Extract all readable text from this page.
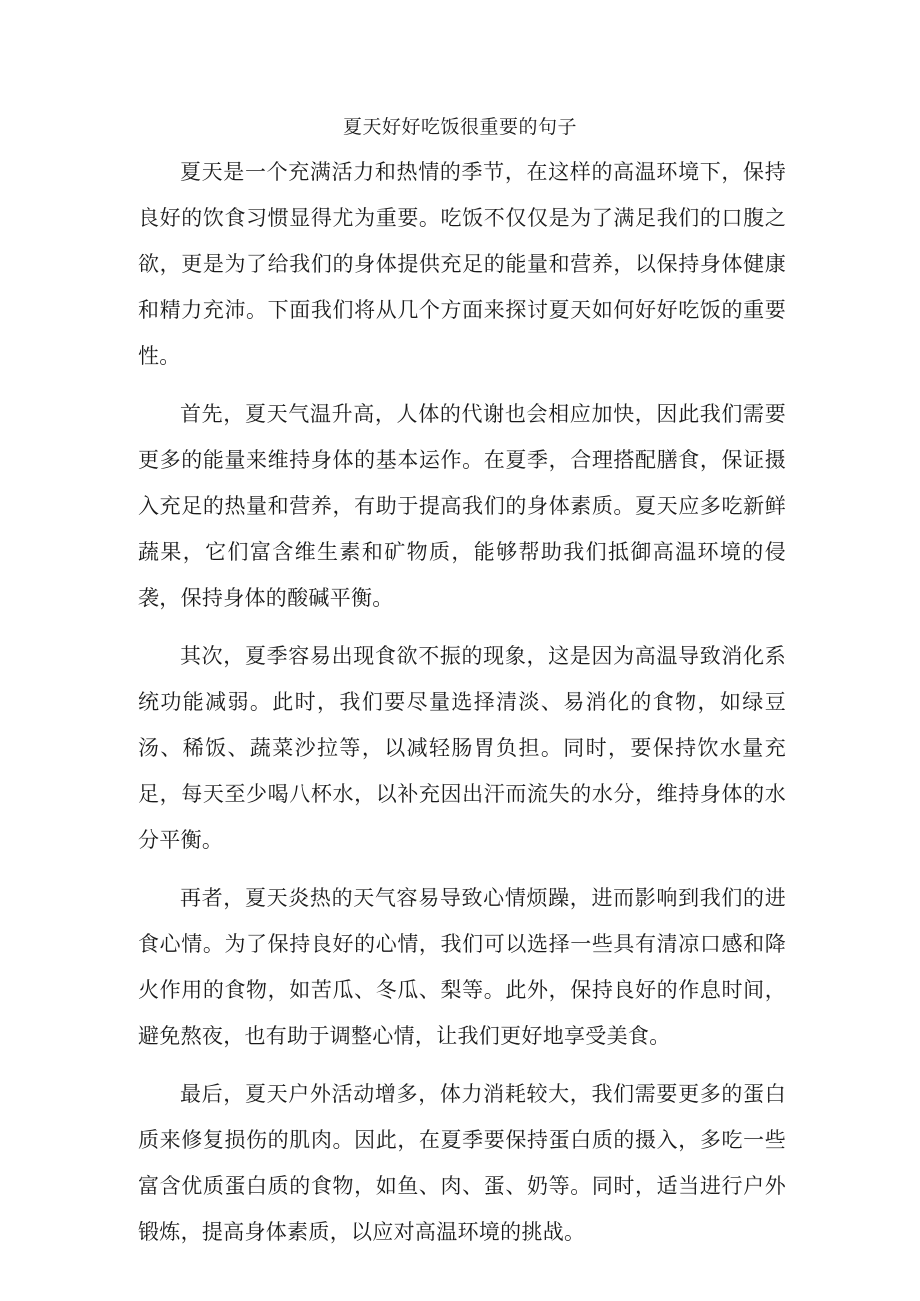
夏天好好吃饭很重要的句子

夏天是一个充满活力和热情的季节，在这样的高温环境下，保持良好的饮食习惯显得尤为重要。吃饭不仅仅是为了满足我们的口腹之欲，更是为了给我们的身体提供充足的能量和营养，以保持身体健康和精力充沛。下面我们将从几个方面来探讨夏天如何好好吃饭的重要性。

首先，夏天气温升高，人体的代谢也会相应加快，因此我们需要更多的能量来维持身体的基本运作。在夏季，合理搭配膳食，保证摄入充足的热量和营养，有助于提高我们的身体素质。夏天应多吃新鲜蔬果，它们富含维生素和矿物质，能够帮助我们抵御高温环境的侵袭，保持身体的酸碱平衡。

其次，夏季容易出现食欲不振的现象，这是因为高温导致消化系统功能减弱。此时，我们要尽量选择清淡、易消化的食物，如绿豆汤、稀饭、蔬菜沙拉等，以减轻肠胃负担。同时，要保持饮水量充足，每天至少喝八杯水，以补充因出汗而流失的水分，维持身体的水分平衡。

再者，夏天炎热的天气容易导致心情烦躁，进而影响到我们的进食心情。为了保持良好的心情，我们可以选择一些具有清凉口感和降火作用的食物，如苦瓜、冬瓜、梨等。此外，保持良好的作息时间，避免熬夜，也有助于调整心情，让我们更好地享受美食。

最后，夏天户外活动增多，体力消耗较大，我们需要更多的蛋白质来修复损伤的肌肉。因此，在夏季要保持蛋白质的摄入，多吃一些富含优质蛋白质的食物，如鱼、肉、蛋、奶等。同时，适当进行户外锻炼，提高身体素质，以应对高温环境的挑战。
